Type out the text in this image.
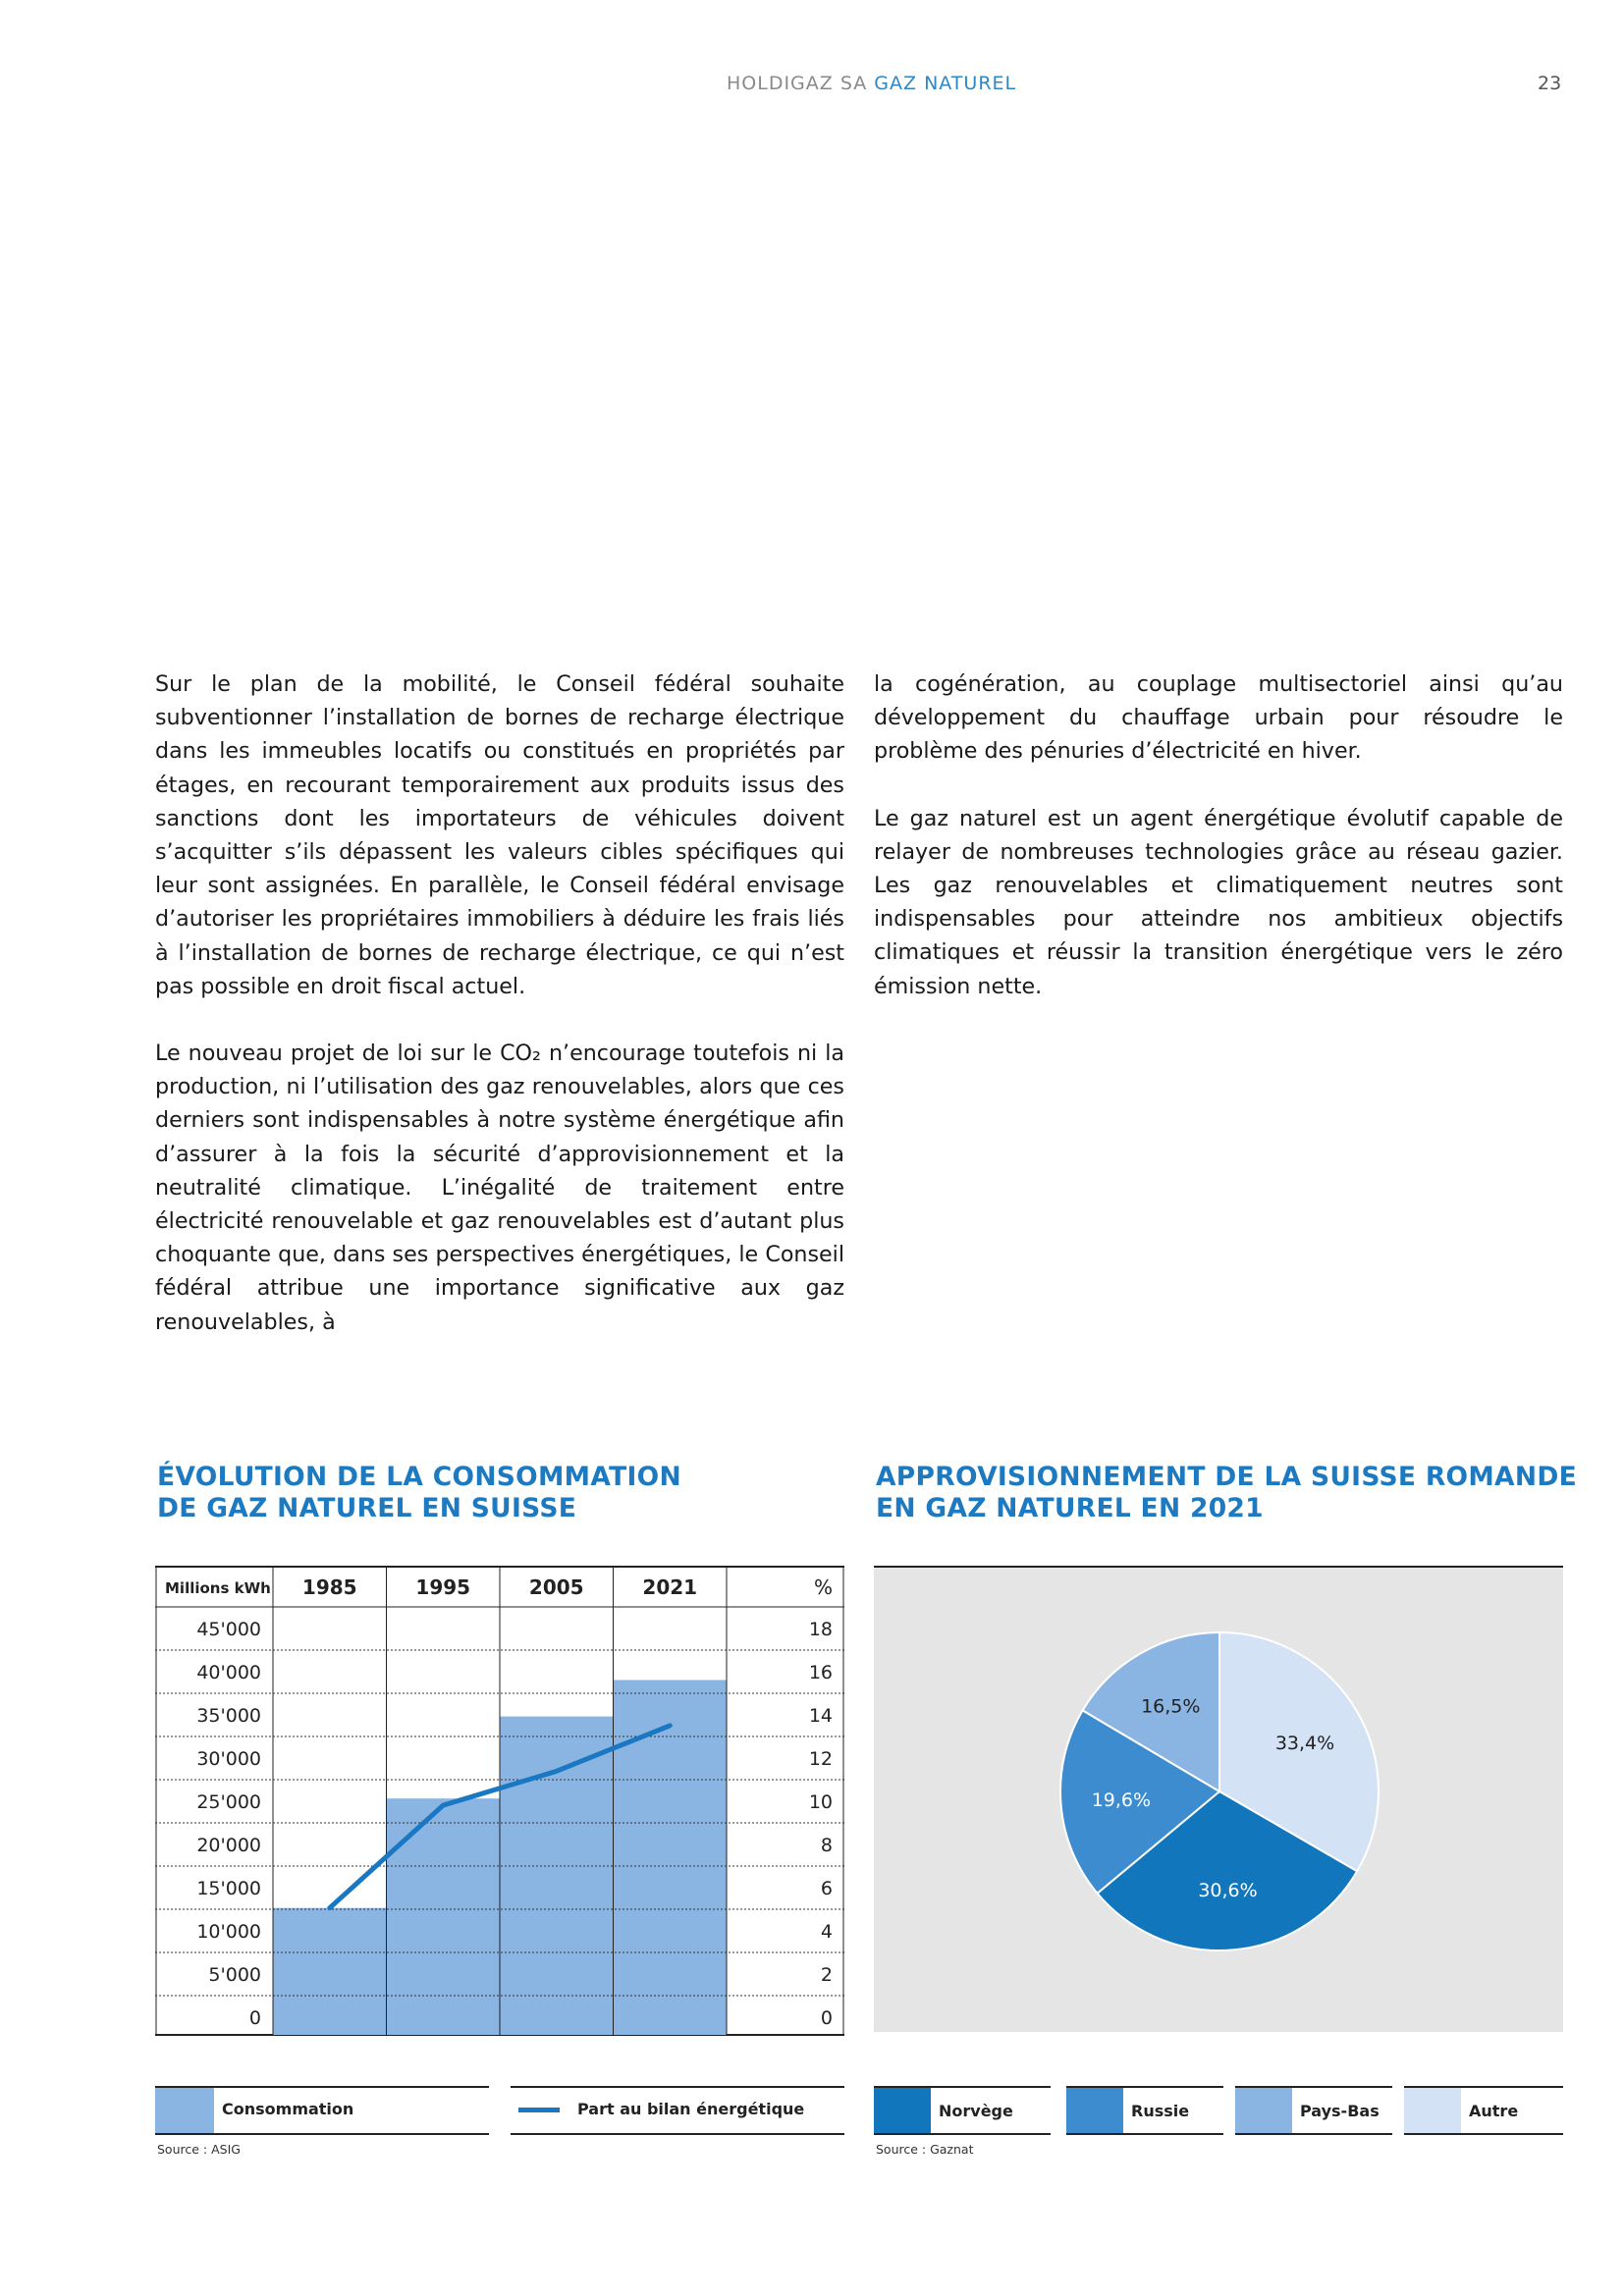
HOLDIGAZ SA GAZ NATUREL	23

Sur le plan de la mobilité, le Conseil fédéral souhaite subventionner l’installation de bornes de recharge électrique dans les immeubles locatifs ou constitués en propriétés par étages, en recourant temporairement aux produits issus des sanctions dont les importateurs de véhicules doivent s’acquitter s’ils dépassent les valeurs cibles spécifiques qui leur sont assignées. En parallèle, le Conseil fédéral envisage d’autoriser les propriétaires immobiliers à déduire les frais liés à l’installation de bornes de recharge électrique, ce qui n’est pas possible en droit fiscal actuel.

Le nouveau projet de loi sur le CO₂ n’encourage toutefois ni la production, ni l’utilisation des gaz renouvelables, alors que ces derniers sont indispensables à notre système énergétique afin d’assurer à la fois la sécurité d’approvisionnement et la neutralité climatique. L’inégalité de traitement entre électricité renouvelable et gaz renouvelables est d’autant plus choquante que, dans ses perspectives énergétiques, le Conseil fédéral attribue une importance significative aux gaz renouvelables, à

la cogénération, au couplage multisectoriel ainsi qu’au développement du chauffage urbain pour résoudre le problème des pénuries d’électricité en hiver.

Le gaz naturel est un agent énergétique évolutif capable de relayer de nombreuses technologies grâce au réseau gazier. Les gaz renouvelables et climatiquement neutres sont indispensables pour atteindre nos ambitieux objectifs climatiques et réussir la transition énergétique vers le zéro émission nette.

ÉVOLUTION DE LA CONSOMMATION
DE GAZ NATUREL EN SUISSE
APPROVISIONNEMENT DE LA SUISSE ROMANDE
EN GAZ NATUREL EN 2021
Millions kWh 1985	1995	2005	2021	%
45'000	18
40'000	16
35'000	14
30'000	12
25'000	10
20'000	8
15'000	6
10'000	4
5'000	2
0	0
Consommation	Part au bilan énergétique
Source : ASIG
33,4%
30,6%
19,6%
16,5%
Norvège	Russie	Pays-Bas	Autre
Source : Gaznat
